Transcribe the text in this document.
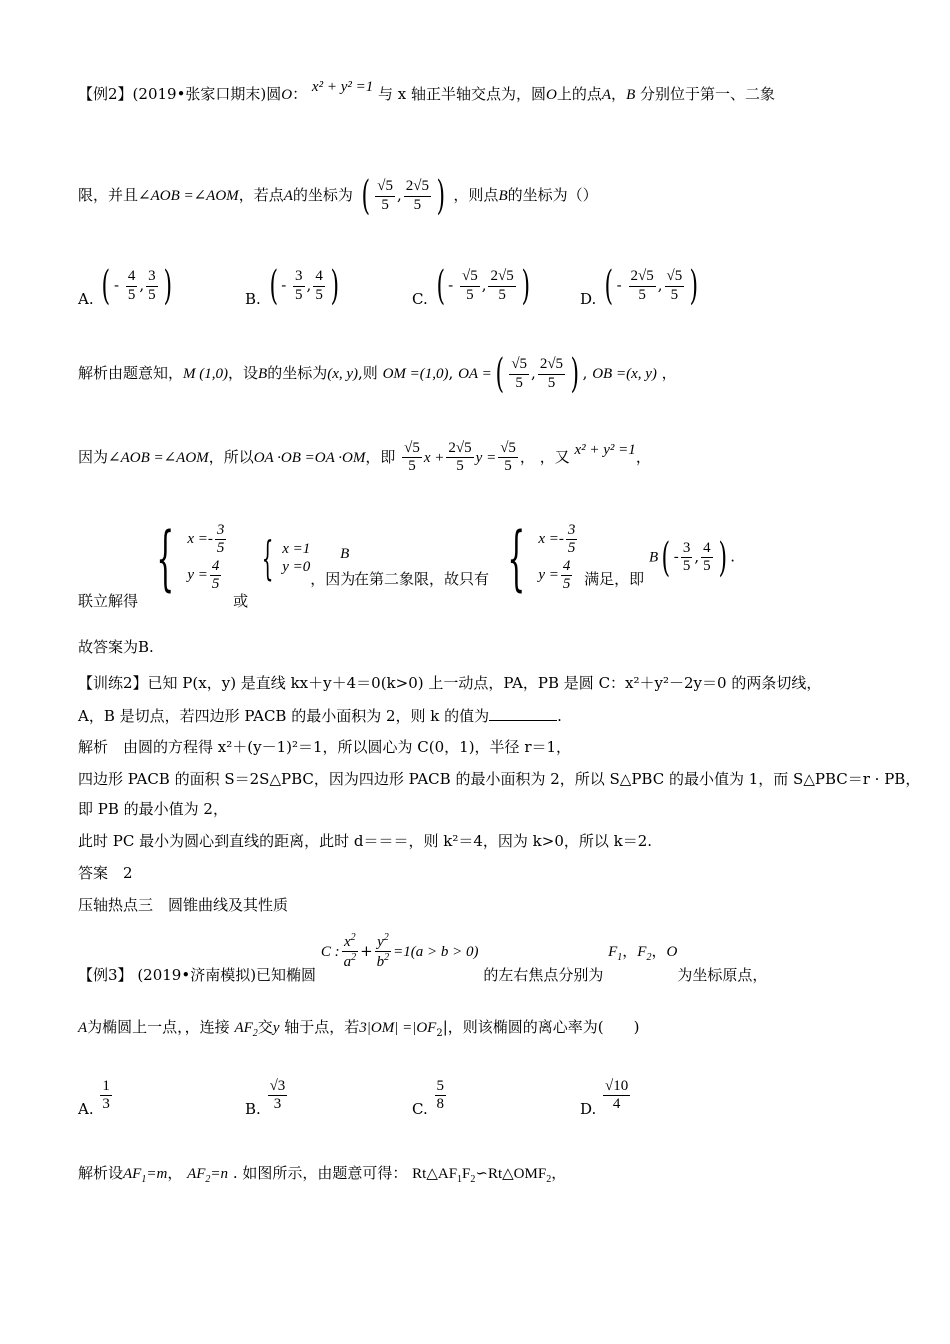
【例2】(2019•张家口期末)圆O： x² + y² =1 与 x 轴正半轴交点为，圆O上的点A，B 分别位于第一、二象
限，并且∠AOB =∠AOM，若点A的坐标为 ( $\frac{√5}{5}$ , $\frac{2√5}{5}$ ) ，则点B的坐标为（）
A. ( - $\frac{4}{5}$ , $\frac{3}{5}$ )	B. ( - $\frac{3}{5}$ , $\frac{4}{5}$ )	C. ( - $\frac{√5}{5}$ , $\frac{2√5}{5}$ )	D. ( - $\frac{2√5}{5}$ , $\frac{√5}{5}$ )
解析由题意知，M (1,0)，设B的坐标为(x, y),则 OM =(1,0), OA =( $\frac{√5}{5}$ , $\frac{2√5}{5}$ ) , OB =(x, y) ，
因为∠AOB =∠AOM，所以OA ·OB =OA ·OM，即 $\frac{√5}{5}$ $x + \frac{2√5}{5}$ $y = \frac{√5}{5}$ ， ，又 x² + y² =1，
联立解得 { $x =- \frac{3}{5}$
$y = \frac{4}{5}$
或 { x =1
y =0
，因为 B 在第二象限，故只有 { $x =- \frac{3}{5}$
$y = \frac{4}{5}$ 满足，即 $B( - \frac{3}{5}$ , $\frac{4}{5}$ ) .
故答案为B.
【训练2】已知 P(x，y) 是直线 kx＋y＋4＝0(k>0) 上一动点，PA，PB 是圆 C：x²＋y²－2y＝0 的两条切线，
A，B 是切点，若四边形 PACB 的最小面积为 2，则 k 的值为	.
解析　由圆的方程得 x²＋(y－1)²＝1，所以圆心为 C(0，1)，半径 r＝1，
四边形 PACB 的面积 S＝2S△PBC，因为四边形 PACB 的最小面积为 2，所以 S△PBC 的最小值为 1，而 S△PBC＝r · PB，
即 PB 的最小值为 2，
此时 PC 最小为圆心到直线的距离，此时 d＝＝＝，则 k²＝4，因为 k>0，所以 k＝2.
答案　2
压轴热点三　圆锥曲线及其性质
【例3】 (2019•济南模拟)已知椭圆 C : $\frac{x^2}{a^2} + \frac{y^2}{b^2} =1(a > b > 0)$ 的左右焦点分别为 $F_1$，$F_2$，O为坐标原点，
A为椭圆上一点，，连接 $AF_2$交y 轴于点，若$3|OM| =|OF_2|$，则该椭圆的离心率为(　　)
A. $\frac{1}{3}$	B. $\frac{√3}{3}$	C. $\frac{5}{8}$	D. $\frac{√10}{4}$
解析设$AF_1=m$， $AF_2=n$ . 如图所示，由题意可得： $Rt\triangle AF_1F_2∽Rt\triangle OMF_2$，
